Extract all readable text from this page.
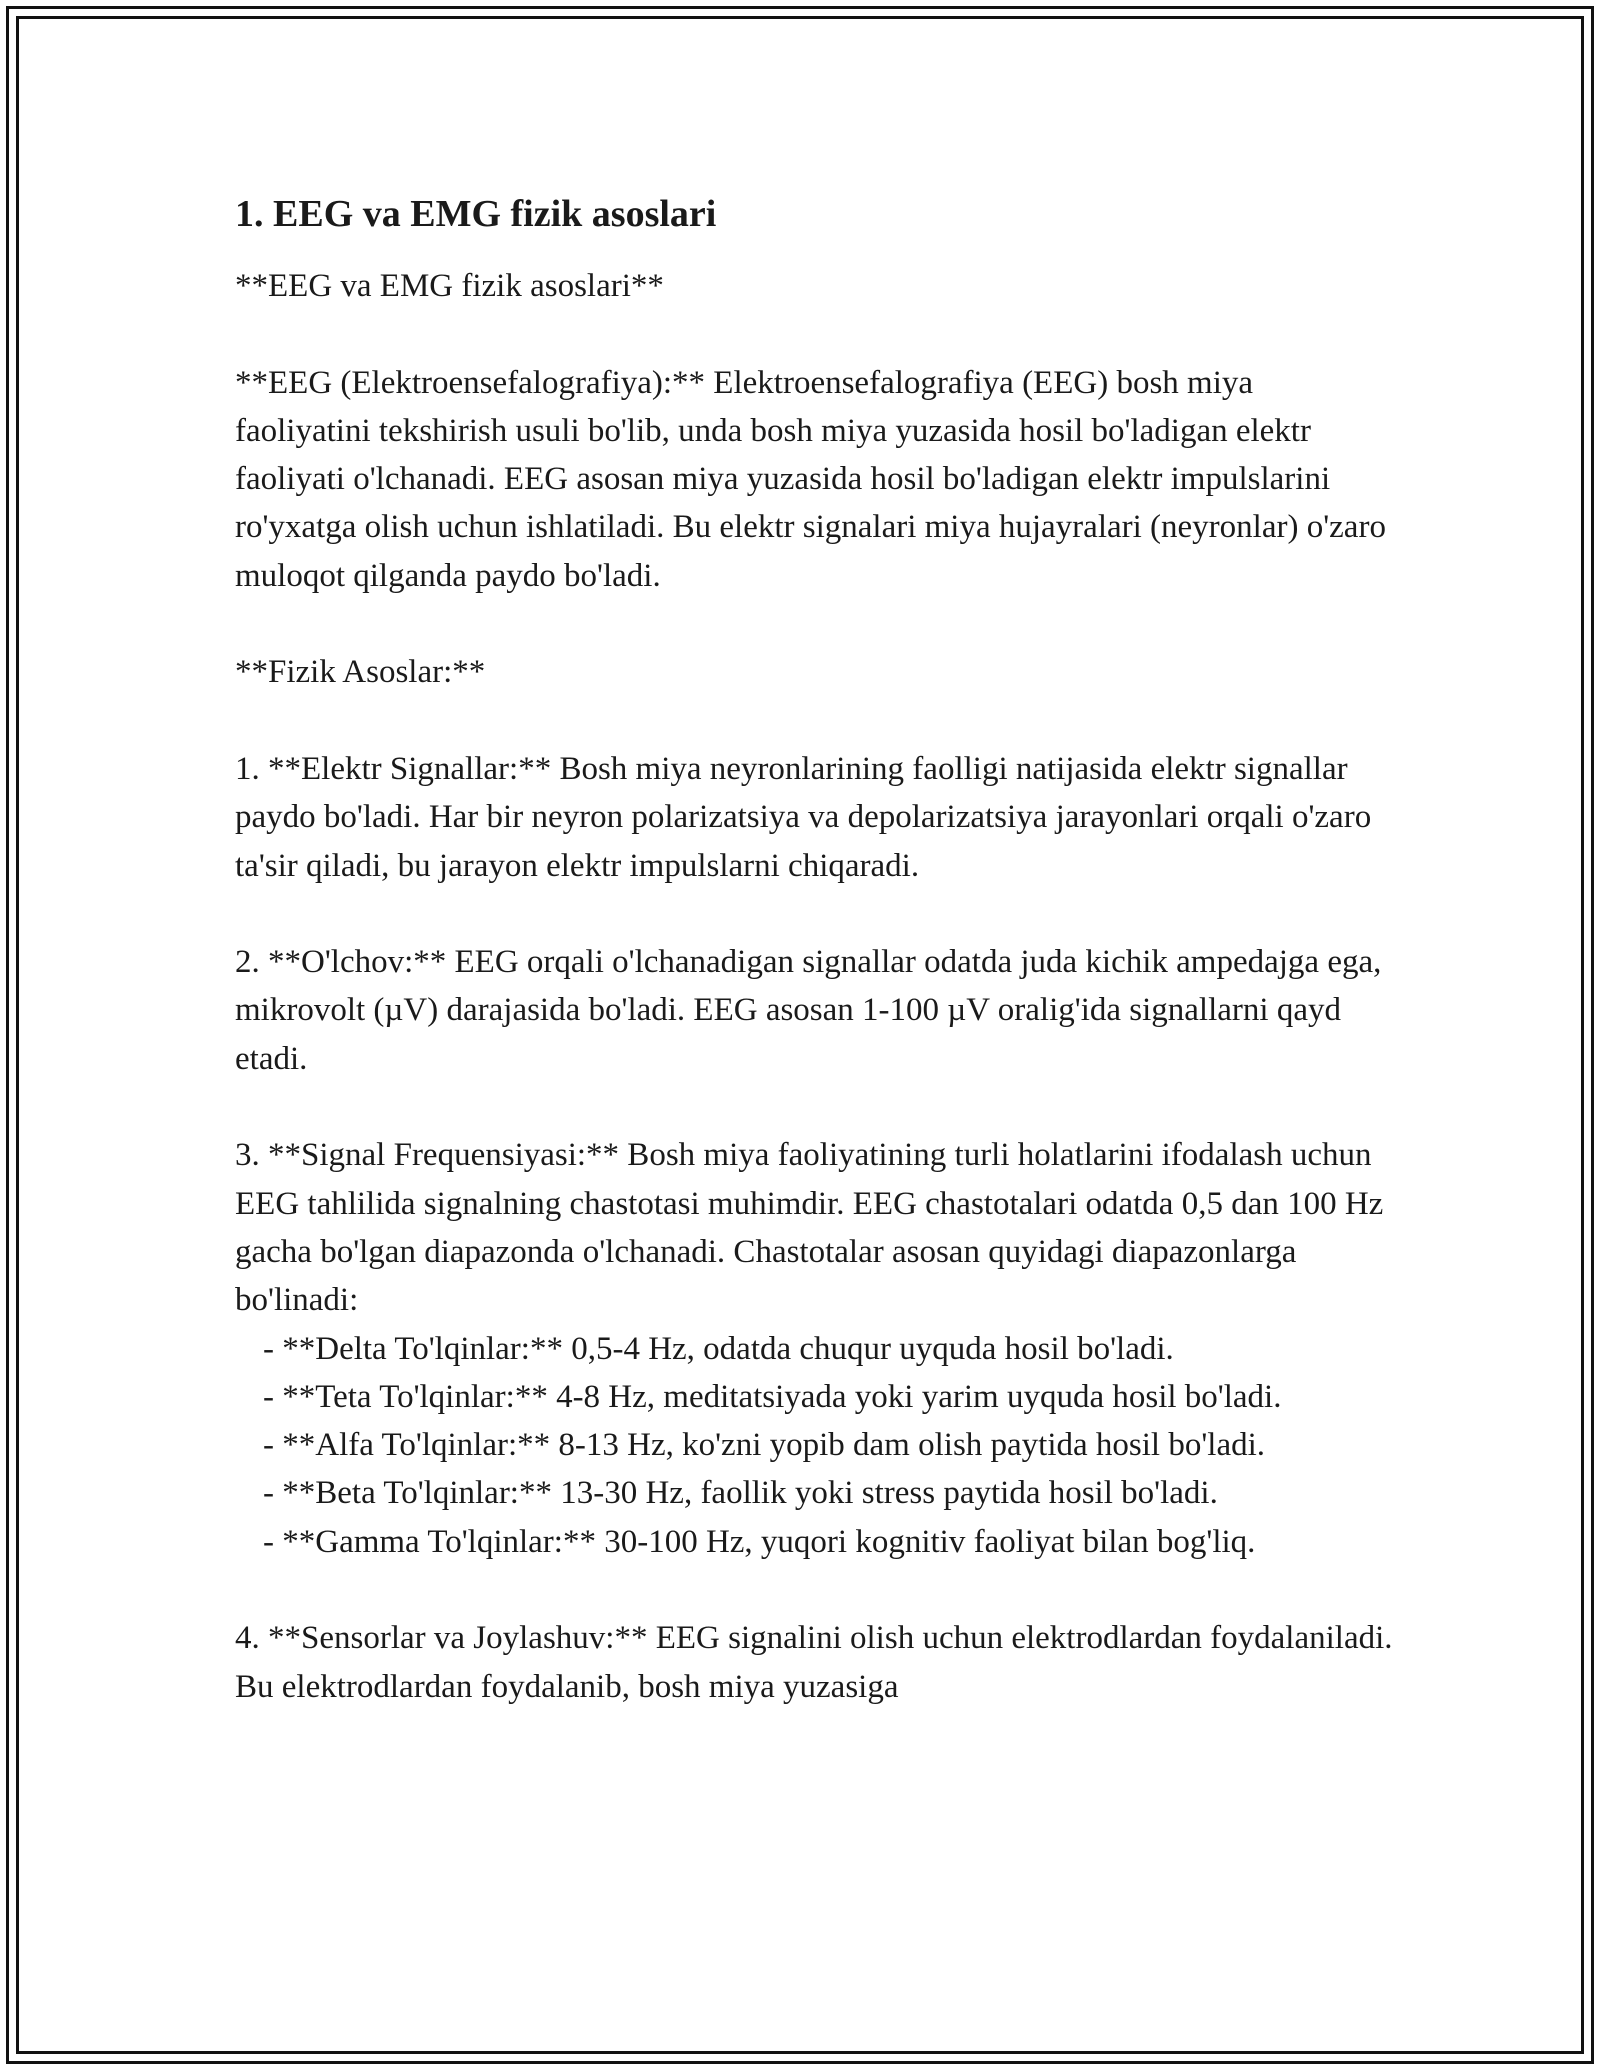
1. EEG va EMG fizik asoslari

**EEG va EMG fizik asoslari**

**EEG (Elektroensefalografiya):** Elektroensefalografiya (EEG) bosh miya faoliyatini tekshirish usuli bo'lib, unda bosh miya yuzasida hosil bo'ladigan elektr faoliyati o'lchanadi. EEG asosan miya yuzasida hosil bo'ladigan elektr impulslarini ro'yxatga olish uchun ishlatiladi. Bu elektr signalari miya hujayralari (neyronlar) o'zaro muloqot qilganda paydo bo'ladi.

**Fizik Asoslar:**

1. **Elektr Signallar:** Bosh miya neyronlarining faolligi natijasida elektr signallar paydo bo'ladi. Har bir neyron polarizatsiya va depolarizatsiya jarayonlari orqali o'zaro ta'sir qiladi, bu jarayon elektr impulslarni chiqaradi.

2. **O'lchov:** EEG orqali o'lchanadigan signallar odatda juda kichik ampedajga ega, mikrovolt (µV) darajasida bo'ladi. EEG asosan 1-100 µV oralig'ida signallarni qayd etadi.

3. **Signal Frequensiyasi:** Bosh miya faoliyatining turli holatlarini ifodalash uchun EEG tahlilida signalning chastotasi muhimdir. EEG chastotalari odatda 0,5 dan 100 Hz gacha bo'lgan diapazonda o'lchanadi. Chastotalar asosan quyidagi diapazonlarga bo'linadi:

- **Delta To'lqinlar:** 0,5-4 Hz, odatda chuqur uyquda hosil bo'ladi.

- **Teta To'lqinlar:** 4-8 Hz, meditatsiyada yoki yarim uyquda hosil bo'ladi.

- **Alfa To'lqinlar:** 8-13 Hz, ko'zni yopib dam olish paytida hosil bo'ladi.

- **Beta To'lqinlar:** 13-30 Hz, faollik yoki stress paytida hosil bo'ladi.

- **Gamma To'lqinlar:** 30-100 Hz, yuqori kognitiv faoliyat bilan bog'liq.

4. **Sensorlar va Joylashuv:** EEG signalini olish uchun elektrodlardan foydalaniladi. Bu elektrodlardan foydalanib, bosh miya yuzasiga
